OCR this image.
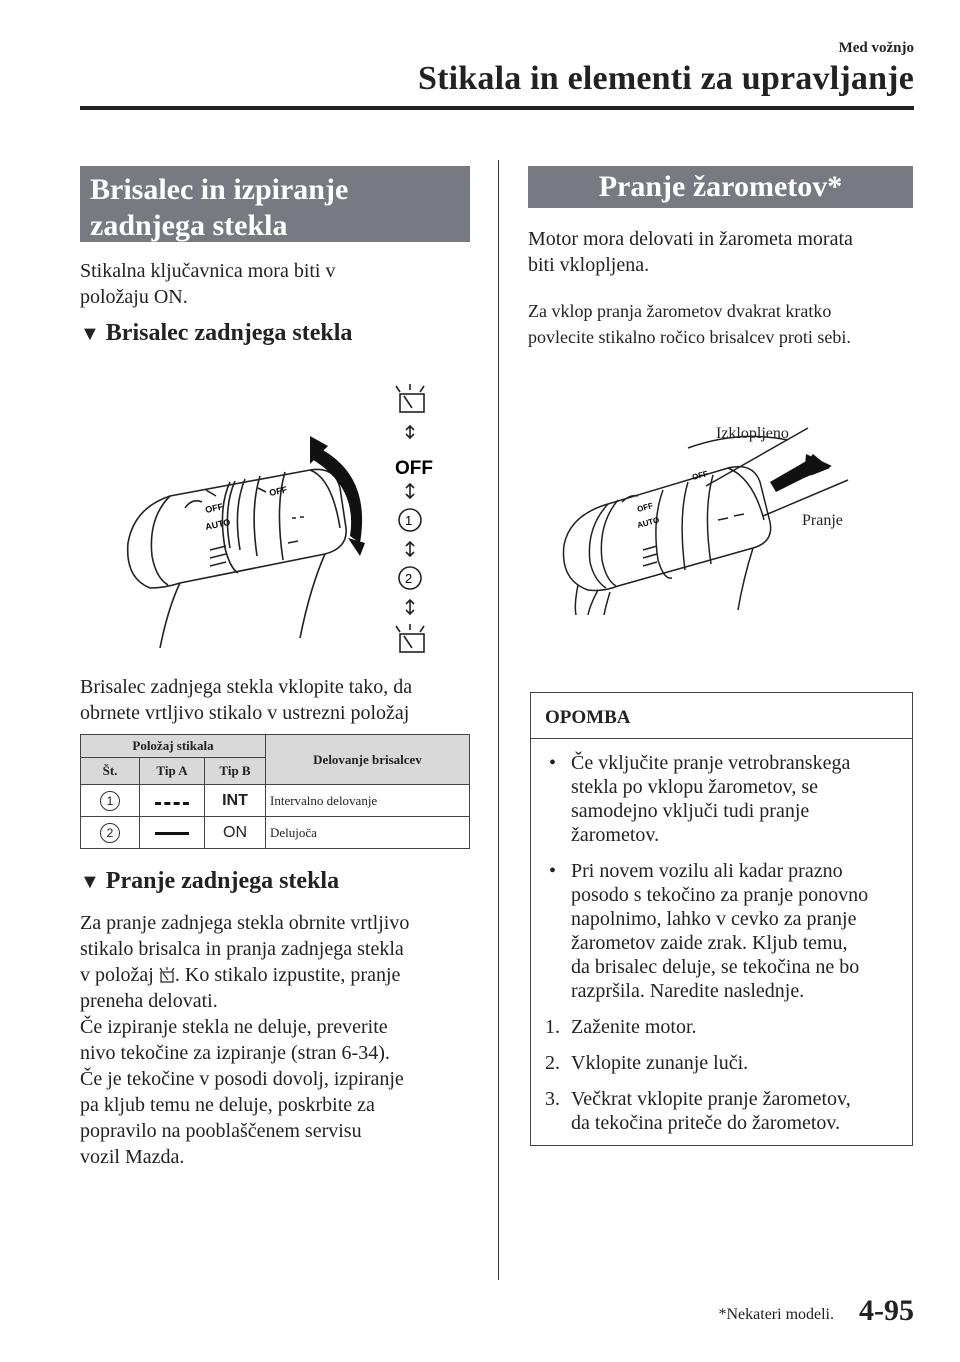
Med vožnjo
Stikala in elementi za upravljanje
Brisalec in izpiranje
zadnjega stekla
Stikalna ključavnica mora biti v
položaju ON.
▼ Brisalec zadnjega stekla
OFF
AUTO
OFF
OFF
1
2
Brisalec zadnjega stekla vklopite tako, da
obrnete vrtljivo stikalo v ustrezni položaj
Položaj stikala			Delovanje brisalcev
Št.	Tip A	Tip B	
1		INT	Intervalno delovanje
2		ON	Delujoča
▼ Pranje zadnjega stekla
Za pranje zadnjega stekla obrnite vrtljivo
stikalo brisalca in pranja zadnjega stekla
v položaj . Ko stikalo izpustite, pranje
preneha delovati.
Če izpiranje stekla ne deluje, preverite
nivo tekočine za izpiranje (stran 6-34).
Če je tekočine v posodi dovolj, izpiranje
pa kljub temu ne deluje, poskrbite za
popravilo na pooblaščenem servisu
vozil Mazda.
Pranje žarometov*
Motor mora delovati in žarometa morata
biti vklopljena.
Za vklop pranja žarometov dvakrat kratko
povlecite stikalno ročico brisalcev proti sebi.
OFF
AUTO
OFF
Izklopljeno
Pranje
OPOMBA
• Če vključite pranje vetrobranskega
stekla po vklopu žarometov, se
samodejno vključi tudi pranje
žarometov.
• Pri novem vozilu ali kadar prazno
posodo s tekočino za pranje ponovno
napolnimo, lahko v cevko za pranje
žarometov zaide zrak. Kljub temu,
da brisalec deluje, se tekočina ne bo
razpršila. Naredite naslednje.
1. Zaženite motor.
2. Vklopite zunanje luči.
3. Večkrat vklopite pranje žarometov,
da tekočina priteče do žarometov.
*Nekateri modeli. 4-95
